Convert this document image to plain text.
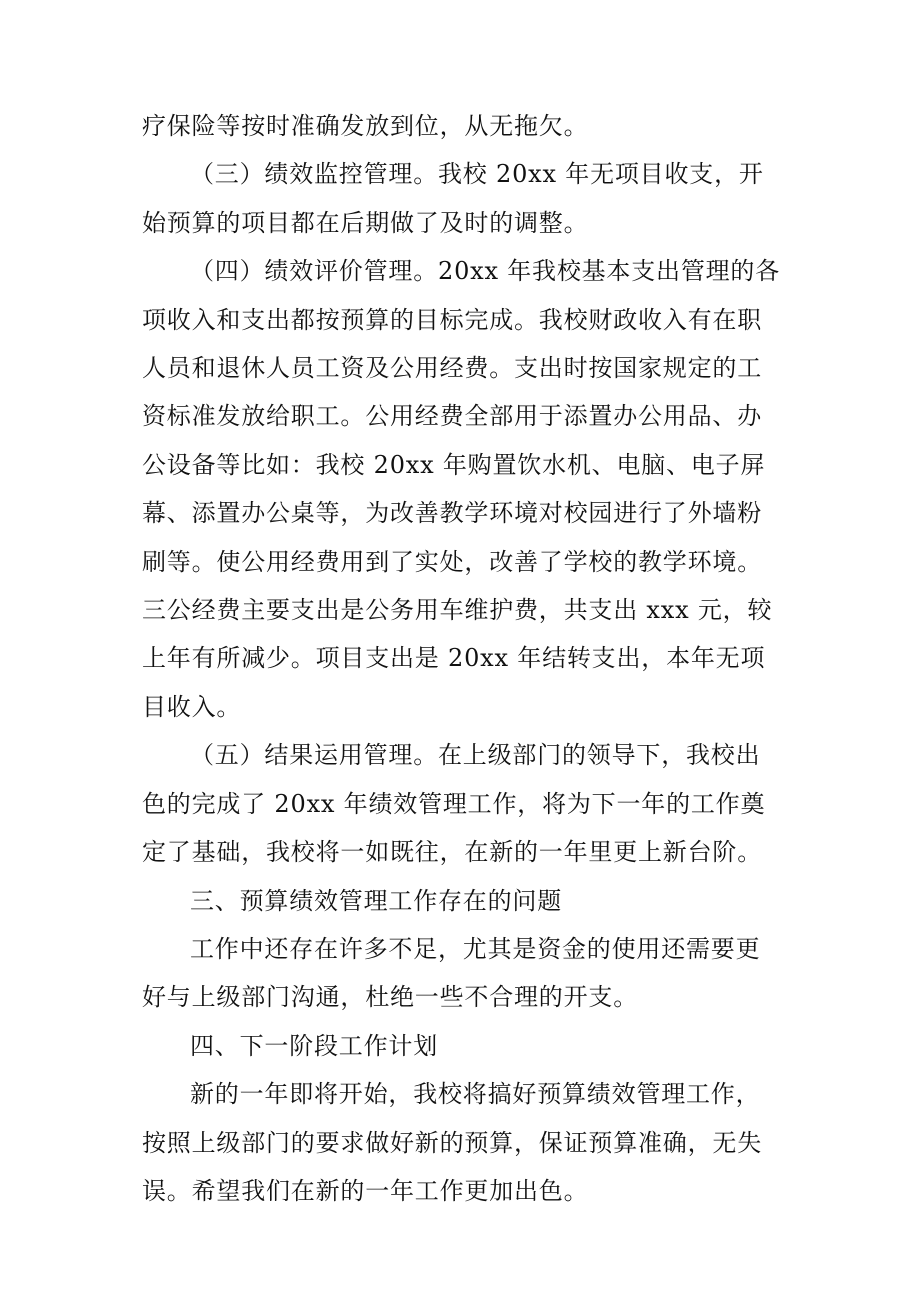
疗保险等按时准确发放到位，从无拖欠。

（三）绩效监控管理。我校 20xx 年无项目收支，开始预算的项目都在后期做了及时的调整。

（四）绩效评价管理。20xx 年我校基本支出管理的各项收入和支出都按预算的目标完成。我校财政收入有在职人员和退休人员工资及公用经费。支出时按国家规定的工资标准发放给职工。公用经费全部用于添置办公用品、办公设备等比如：我校 20xx 年购置饮水机、电脑、电子屏幕、添置办公桌等，为改善教学环境对校园进行了外墙粉刷等。使公用经费用到了实处，改善了学校的教学环境。三公经费主要支出是公务用车维护费，共支出 xxx 元，较上年有所减少。项目支出是 20xx 年结转支出，本年无项目收入。

（五）结果运用管理。在上级部门的领导下，我校出色的完成了 20xx 年绩效管理工作，将为下一年的工作奠定了基础，我校将一如既往，在新的一年里更上新台阶。

三、预算绩效管理工作存在的问题

工作中还存在许多不足，尤其是资金的使用还需要更好与上级部门沟通，杜绝一些不合理的开支。

四、下一阶段工作计划

新的一年即将开始，我校将搞好预算绩效管理工作，按照上级部门的要求做好新的预算，保证预算准确，无失误。希望我们在新的一年工作更加出色。
